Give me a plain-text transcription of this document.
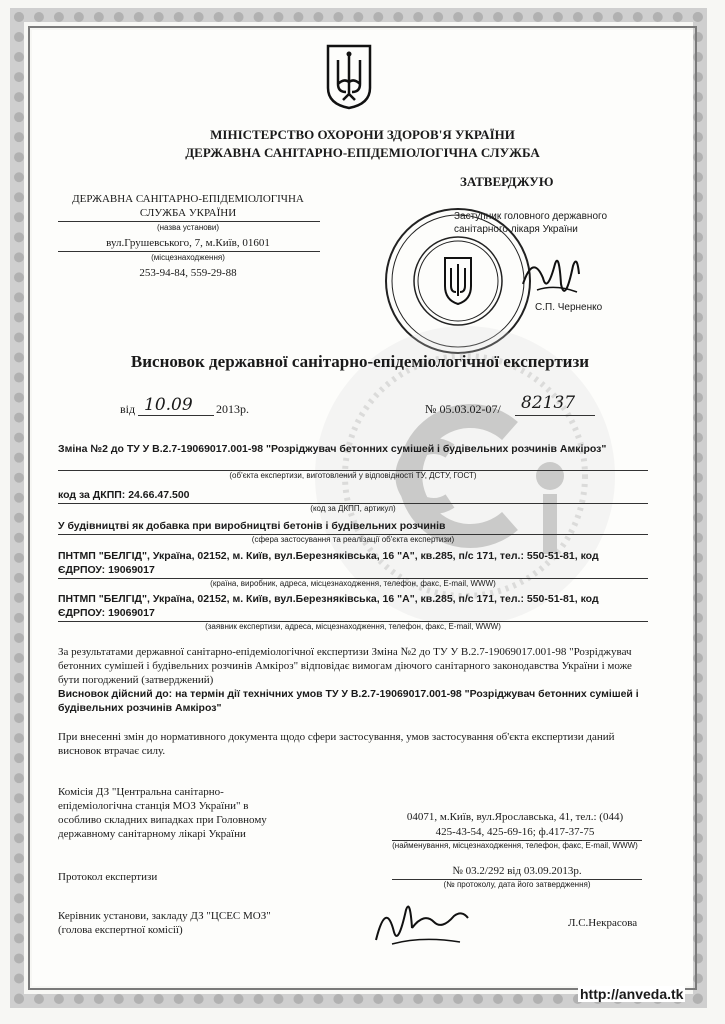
МІНІСТЕРСТВО ОХОРОНИ ЗДОРОВ'Я УКРАЇНИ
ДЕРЖАВНА САНІТАРНО-ЕПІДЕМІОЛОГІЧНА СЛУЖБА
ДЕРЖАВНА САНІТАРНО-ЕПІДЕМІОЛОГІЧНА
СЛУЖБА УКРАЇНИ
(назва установи)
вул.Грушевського, 7, м.Київ, 01601
(місцезнаходження)
253-94-84, 559-29-88
ЗАТВЕРДЖУЮ
Заступник головного державного
санітарного лікаря України
С.П. Черненко
Висновок державної санітарно-епідеміологічної експертизи
від 10.09 2013р.	№ 05.03.02-07/ 82137
Зміна №2 до ТУ У В.2.7-19069017.001-98 "Розріджувач бетонних сумішей і будівельних розчинів Амкіроз"
(об'єкта експертизи, виготовлений у відповідності ТУ, ДСТУ, ГОСТ)
код за ДКПП: 24.66.47.500
(код за ДКПП, артикул)
У будівництві як добавка при виробництві бетонів і будівельних розчинів
(сфера застосування та реалізації об'єкта експертизи)
ПНТМП "БЕЛГІД", Україна, 02152, м. Київ, вул.Березняківська, 16 "А", кв.285, п/с 171, тел.: 550-51-81, код ЄДРПОУ: 19069017
(країна, виробник, адреса, місцезнаходження, телефон, факс, E-mail, WWW)
ПНТМП "БЕЛГІД", Україна, 02152, м. Київ, вул.Березняківська, 16 "А", кв.285, п/с 171, тел.: 550-51-81, код ЄДРПОУ: 19069017
(заявник експертизи, адреса, місцезнаходження, телефон, факс, E-mail, WWW)
За результатами державної санітарно-епідеміологічної експертизи Зміна №2 до ТУ У В.2.7-19069017.001-98 "Розріджувач бетонних сумішей і будівельних розчинів Амкіроз" відповідає вимогам діючого санітарного законодавства України і може бути погоджений (затверджений)
Висновок дійсний до: на термін дії технічних умов ТУ У В.2.7-19069017.001-98 "Розріджувач бетонних сумішей і будівельних розчинів Амкіроз"
При внесенні змін до нормативного документа щодо сфери застосування, умов застосування об'єкта експертизи даний висновок втрачає силу.
Комісія ДЗ "Центральна санітарно-
епідеміологічна станція МОЗ України" в
особливо складних випадках при Головному
державному санітарному лікарі України
04071, м.Київ, вул.Ярославська, 41, тел.: (044)
425-43-54, 425-69-16; ф.417-37-75
(найменування, місцезнаходження, телефон, факс, E-mail, WWW)
Протокол експертизи	№ 03.2/292 від 03.09.2013р.
(№ протоколу, дата його затвердження)
Керівник установи, закладу ДЗ "ЦСЕС МОЗ"
(голова експертної комісії)
Л.С.Некрасова
http://anveda.tk
